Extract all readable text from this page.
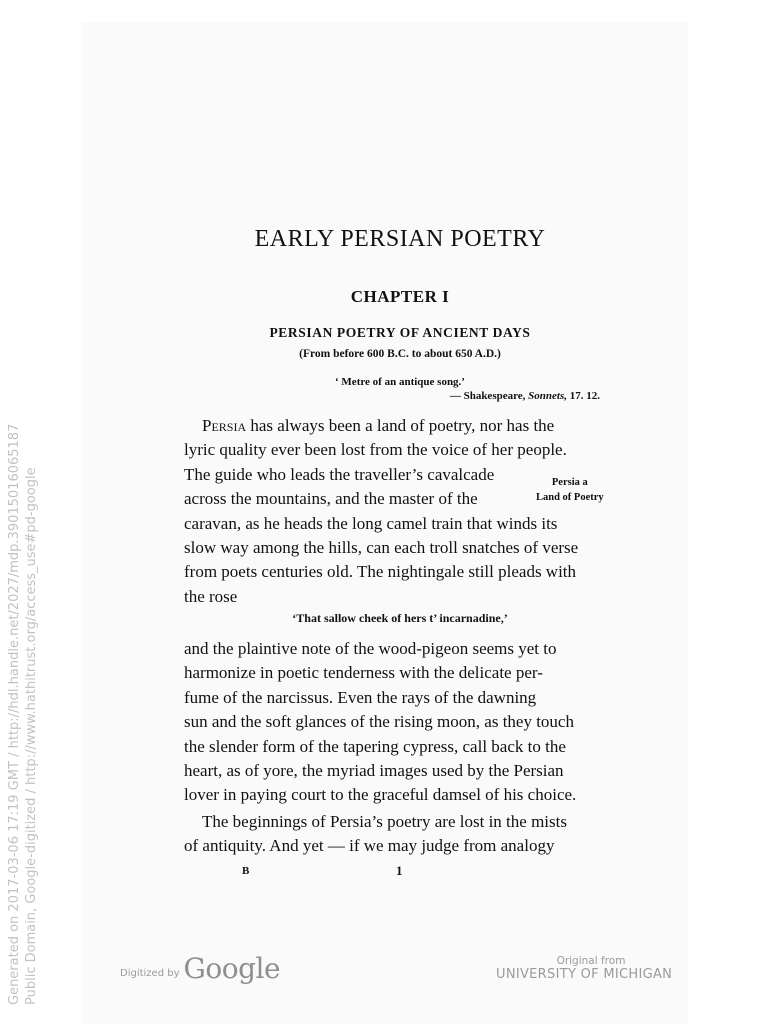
Generated on 2017-03-06 17:19 GMT / http://hdl.handle.net/2027/mdp.39015016065187 Public Domain, Google-digitized / http://www.hathitrust.org/access_use#pd-google
EARLY PERSIAN POETRY
CHAPTER I
PERSIAN POETRY OF ANCIENT DAYS
(From before 600 B.C. to about 650 A.D.)
‘ Metre of an antique song.’
— Shakespeare, Sonnets, 17. 12.
Persia has always been a land of poetry, nor has the
lyric quality ever been lost from the voice of her people.
The guide who leads the traveller’s cavalcade
across the mountains, and the master of the
caravan, as he heads the long camel train that winds its
slow way among the hills, can each troll snatches of verse
from poets centuries old. The nightingale still pleads with
the rose
Persia a
Land of Poetry
‘That sallow cheek of hers t’ incarnadine,’
and the plaintive note of the wood-pigeon seems yet to
harmonize in poetic tenderness with the delicate per-
fume of the narcissus. Even the rays of the dawning
sun and the soft glances of the rising moon, as they touch
the slender form of the tapering cypress, call back to the
heart, as of yore, the myriad images used by the Persian
lover in paying court to the graceful damsel of his choice.
The beginnings of Persia’s poetry are lost in the mists
of antiquity. And yet — if we may judge from analogy
B	1
Digitized by Google	Original from
UNIVERSITY OF MICHIGAN
